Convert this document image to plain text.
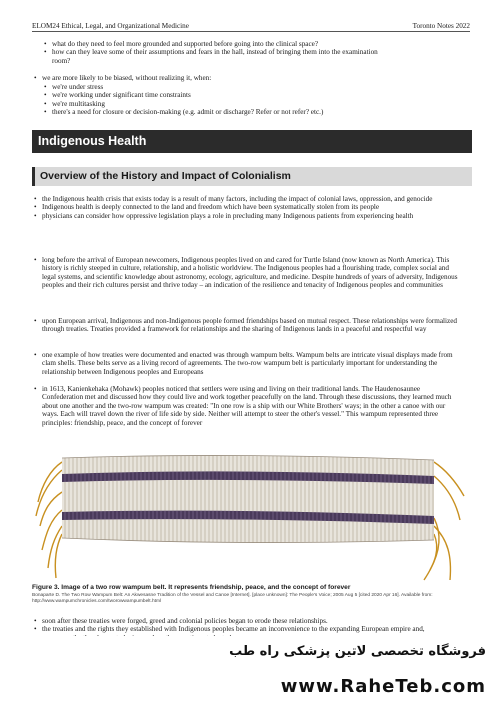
ELOM24 Ethical, Legal, and Organizational Medicine	Toronto Notes 2022
• what do they need to feel more grounded and supported before going into the clinical space?
• how can they leave some of their assumptions and fears in the hall, instead of bringing them into the examination room?
• we are more likely to be biased, without realizing it, when:
• we're under stress
• we're working under significant time constraints
• we're multitasking
• there's a need for closure or decision-making (e.g. admit or discharge? Refer or not refer? etc.)
Indigenous Health
Overview of the History and Impact of Colonialism
• the Indigenous health crisis that exists today is a result of many factors, including the impact of colonial laws, oppression, and genocide
• Indigenous health is deeply connected to the land and freedom which have been systematically stolen from its people
• physicians can consider how oppressive legislation plays a role in precluding many Indigenous patients from experiencing health
• long before the arrival of European newcomers, Indigenous peoples lived on and cared for Turtle Island (now known as North America). This history is richly steeped in culture, relationship, and a holistic worldview. The Indigenous peoples had a flourishing trade, complex social and legal systems, and scientific knowledge about astronomy, ecology, agriculture, and medicine. Despite hundreds of years of adversity, Indigenous peoples and their rich cultures persist and thrive today – an indication of the resilience and tenacity of Indigenous peoples and communities
• upon European arrival, Indigenous and non-Indigenous people formed friendships based on mutual respect. These relationships were formalized through treaties. Treaties provided a framework for relationships and the sharing of Indigenous lands in a peaceful and respectful way
• one example of how treaties were documented and enacted was through wampum belts. Wampum belts are intricate visual displays made from clam shells. These belts serve as a living record of agreements. The two-row wampum belt is particularly important for understanding the relationship between Indigenous peoples and Europeans
• in 1613, Kanienkehaka (Mohawk) peoples noticed that settlers were using and living on their traditional lands. The Haudenosaunee Confederation met and discussed how they could live and work together peacefully on the land. Through these discussions, they learned much about one another and the two-row wampum was created: "In one row is a ship with our White Brothers' ways; in the other a canoe with our ways. Each will travel down the river of life side by side. Neither will attempt to steer the other's vessel." This wampum represented three principles: friendship, peace, and the concept of forever
Figure 3. Image of a two row wampum belt. It represents friendship, peace, and the concept of forever
Bonaparte D. The Two Row Wampum Belt: An Akwesasne Tradition of the Vessel and Canoe [Internet]. [place unknown]: The People's Voice; 2005 Aug 5 [cited 2020 Apr 16]. Available from: http://www.wampumchronicles.com/tworowwampumbelt.html
• soon after these treaties were forged, greed and colonial policies began to erode these relationships.
• the treaties and the rights they established with Indigenous peoples became an inconvenience to the expanding European empire and,
•
فروشگاه تخصصی لاتین پزشکی راه طب
www.RaheTeb.com
